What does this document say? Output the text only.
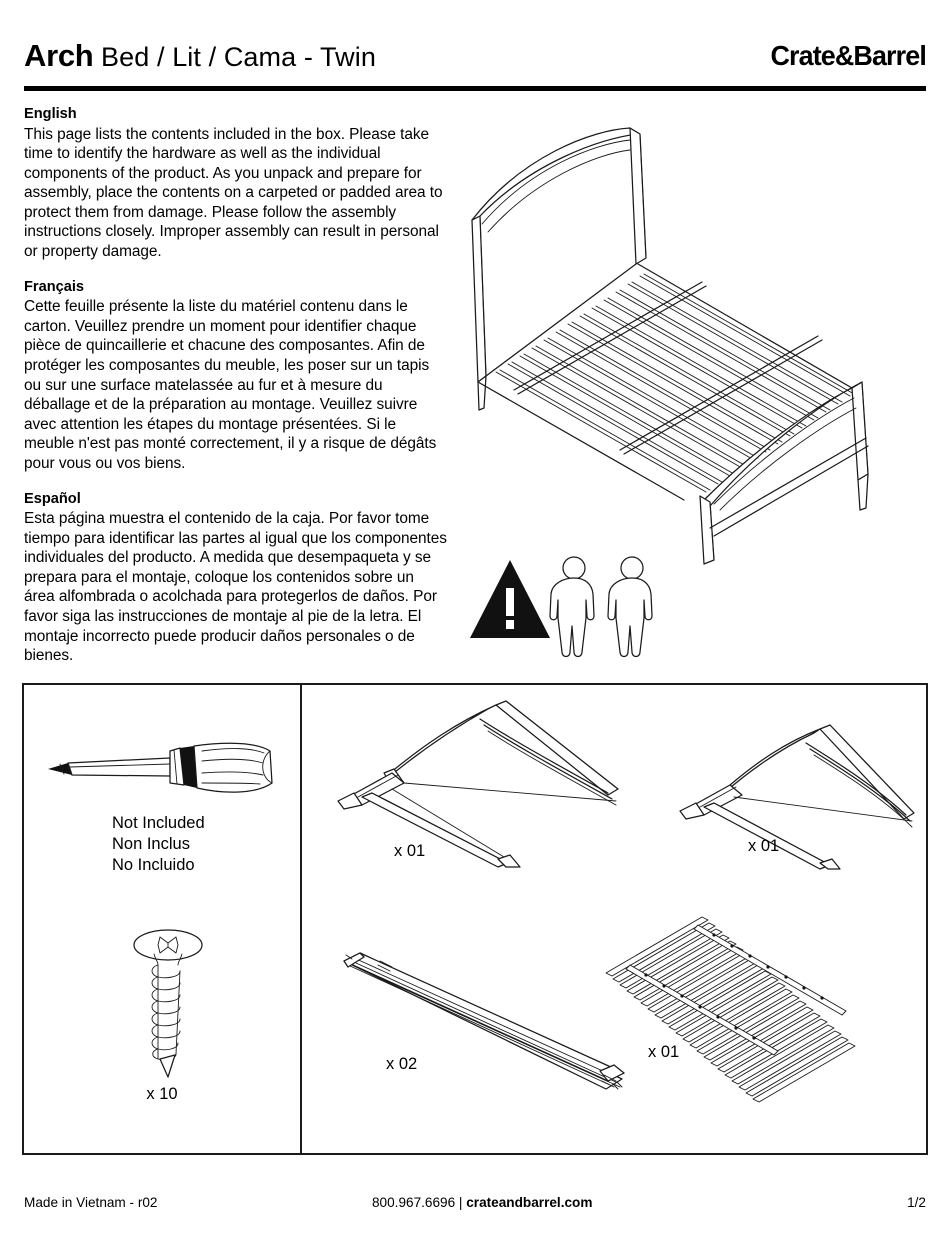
Arch Bed / Lit / Cama - Twin	Crate&Barrel
English
This page lists the contents included in the box. Please take time to identify the hardware as well as the individual components of the product. As you unpack and prepare for assembly, place the contents on a carpeted or padded area to protect them from damage. Please follow the assembly instructions closely. Improper assembly can result in personal or property damage.
Français
Cette feuille présente la liste du matériel contenu dans le carton. Veuillez prendre un moment pour identifier chaque pièce de quincaillerie et chacune des composantes. Afin de protéger les composantes du meuble, les poser sur un tapis ou sur une surface matelassée au fur et à mesure du déballage et de la préparation au montage. Veuillez suivre avec attention les étapes du montage présentées. Si le meuble n'est pas monté correctement, il y a risque de dégâts pour vous ou vos biens.
Español
Esta página muestra el contenido de la caja. Por favor tome tiempo para identificar las partes al igual que los componentes individuales del producto. A medida que desempaqueta y se prepara para el montaje, coloque los contenidos sobre un área alfombrada o acolchada para protegerlos de daños. Por favor siga las instrucciones de montaje al pie de la letra. El montaje incorrecto puede producir daños personales o de bienes.
Not Included
Non Inclus
No Incluido
x 10
x 01	x 01
x 02
x 01
Made in Vietnam - r02	800.967.6696 | crateandbarrel.com	1/2
